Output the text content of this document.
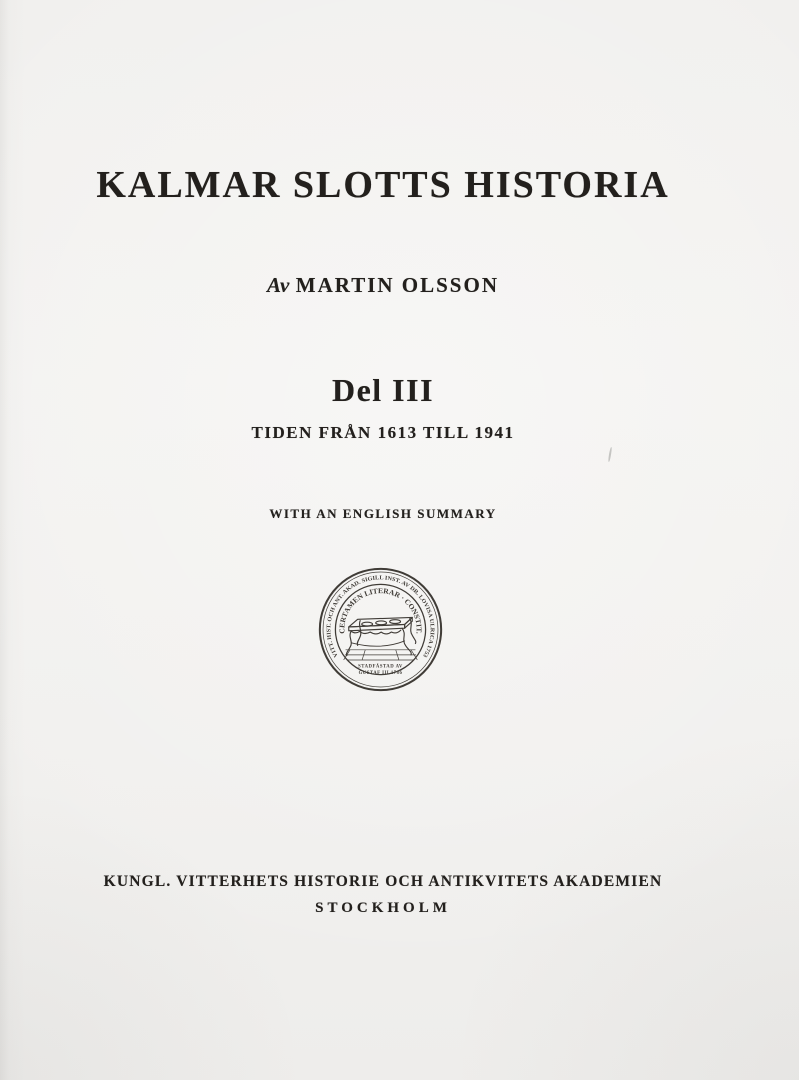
KALMAR SLOTTS HISTORIA
Av MARTIN OLSSON
Del III
TIDEN FRÅN 1613 TILL 1941
WITH AN ENGLISH SUMMARY
VITT. HIST. OCH ANT. AKAD. SIGILL INST. AV DR. LOVISA ULRICA 1753
CERTAMEN LITERAR · CONSTIT.
STADFÄSTAD AV
GUSTAF III 1786
KUNGL. VITTERHETS HISTORIE OCH ANTIKVITETS AKADEMIEN
STOCKHOLM
